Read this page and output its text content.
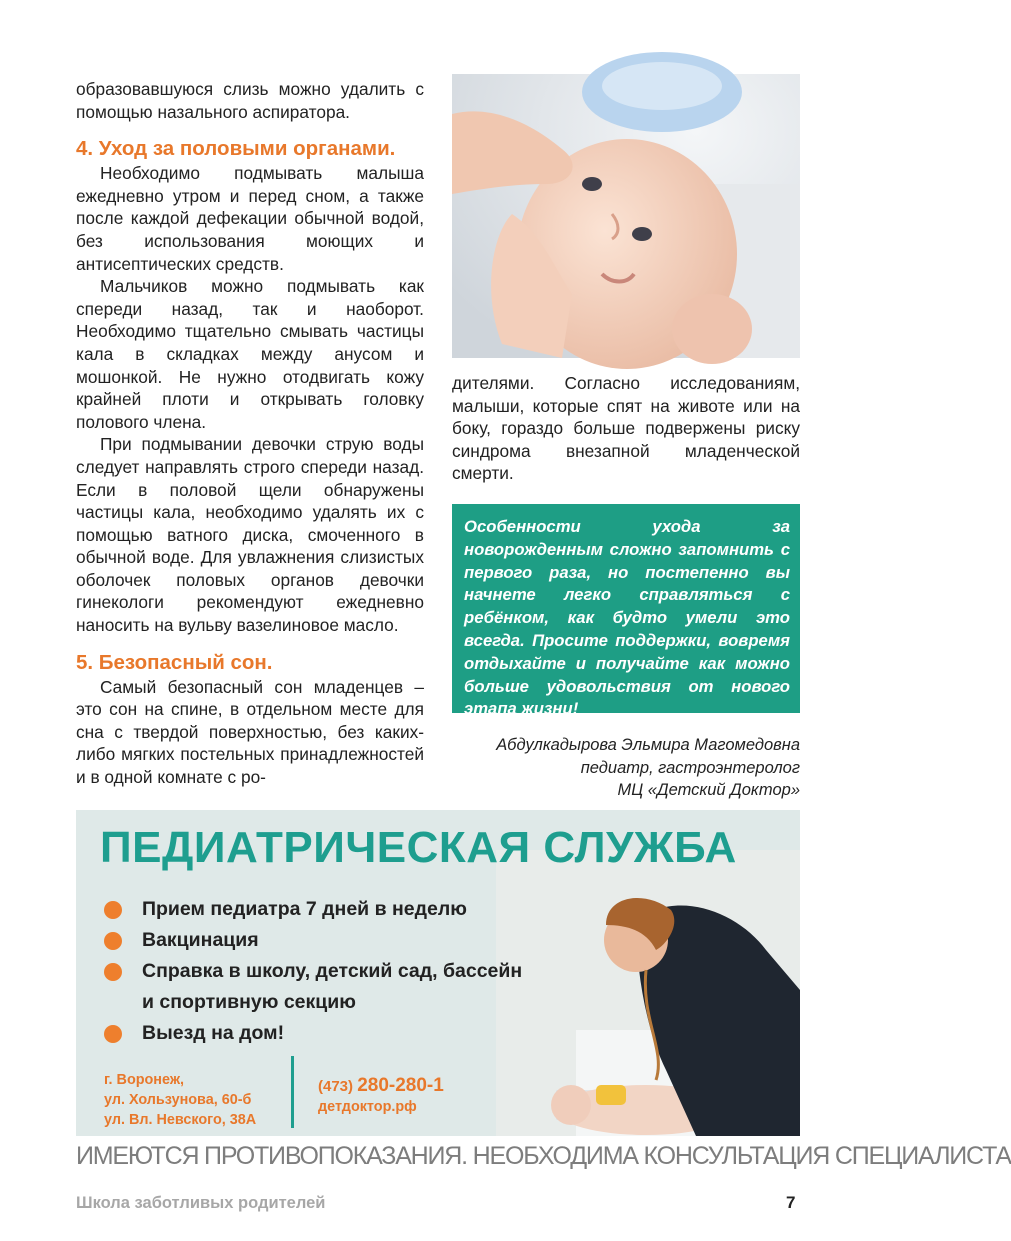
образовавшуюся слизь можно удалить с помощью назального аспиратора.

4. Уход за половыми органами.

Необходимо подмывать малыша ежедневно утром и перед сном, а также после каждой дефекации обычной водой, без использования моющих и антисептических средств.

Мальчиков можно подмывать как спереди назад, так и наоборот. Необходимо тщательно смывать частицы кала в складках между анусом и мошонкой. Не нужно отодвигать кожу крайней плоти и открывать головку полового члена.

При подмывании девочки струю воды следует направлять строго спереди назад. Если в половой щели обнаружены частицы кала, необходимо удалять их с помощью ватного диска, смоченного в обычной воде. Для увлажнения слизистых оболочек половых органов девочки гинекологи рекомендуют ежедневно наносить на вульву вазелиновое масло.

5. Безопасный сон.

Самый безопасный сон младенцев – это сон на спине, в отдельном месте для сна с твердой поверхностью, без каких-либо мягких постельных принадлежностей и в одной комнате с ро-

дителями. Согласно исследованиям, малыши, которые спят на животе или на боку, гораздо больше подвержены риску синдрома внезапной младенческой смерти.

Особенности ухода за новорожденным сложно запомнить с первого раза, но постепенно вы начнете легко справляться с ребёнком, как будто умели это всегда. Просите поддержки, вовремя отдыхайте и получайте как можно больше удовольствия от нового этапа жизни!
Абдулкадырова Эльмира Магомедовна
педиатр, гастроэнтеролог
МЦ «Детский Доктор»
ПЕДИАТРИЧЕСКАЯ СЛУЖБА
Прием педиатра 7 дней в неделю
Вакцинация
Справка в школу, детский сад, бассейн и спортивную секцию
Выезд на дом!
г. Воронеж,
ул. Хользунова, 60-б
ул. Вл. Невского, 38А
(473) 280-280-1
детдоктор.рф
ИМЕЮТСЯ ПРОТИВОПОКАЗАНИЯ. НЕОБХОДИМА КОНСУЛЬТАЦИЯ СПЕЦИАЛИСТА
Школа заботливых родителей	7
